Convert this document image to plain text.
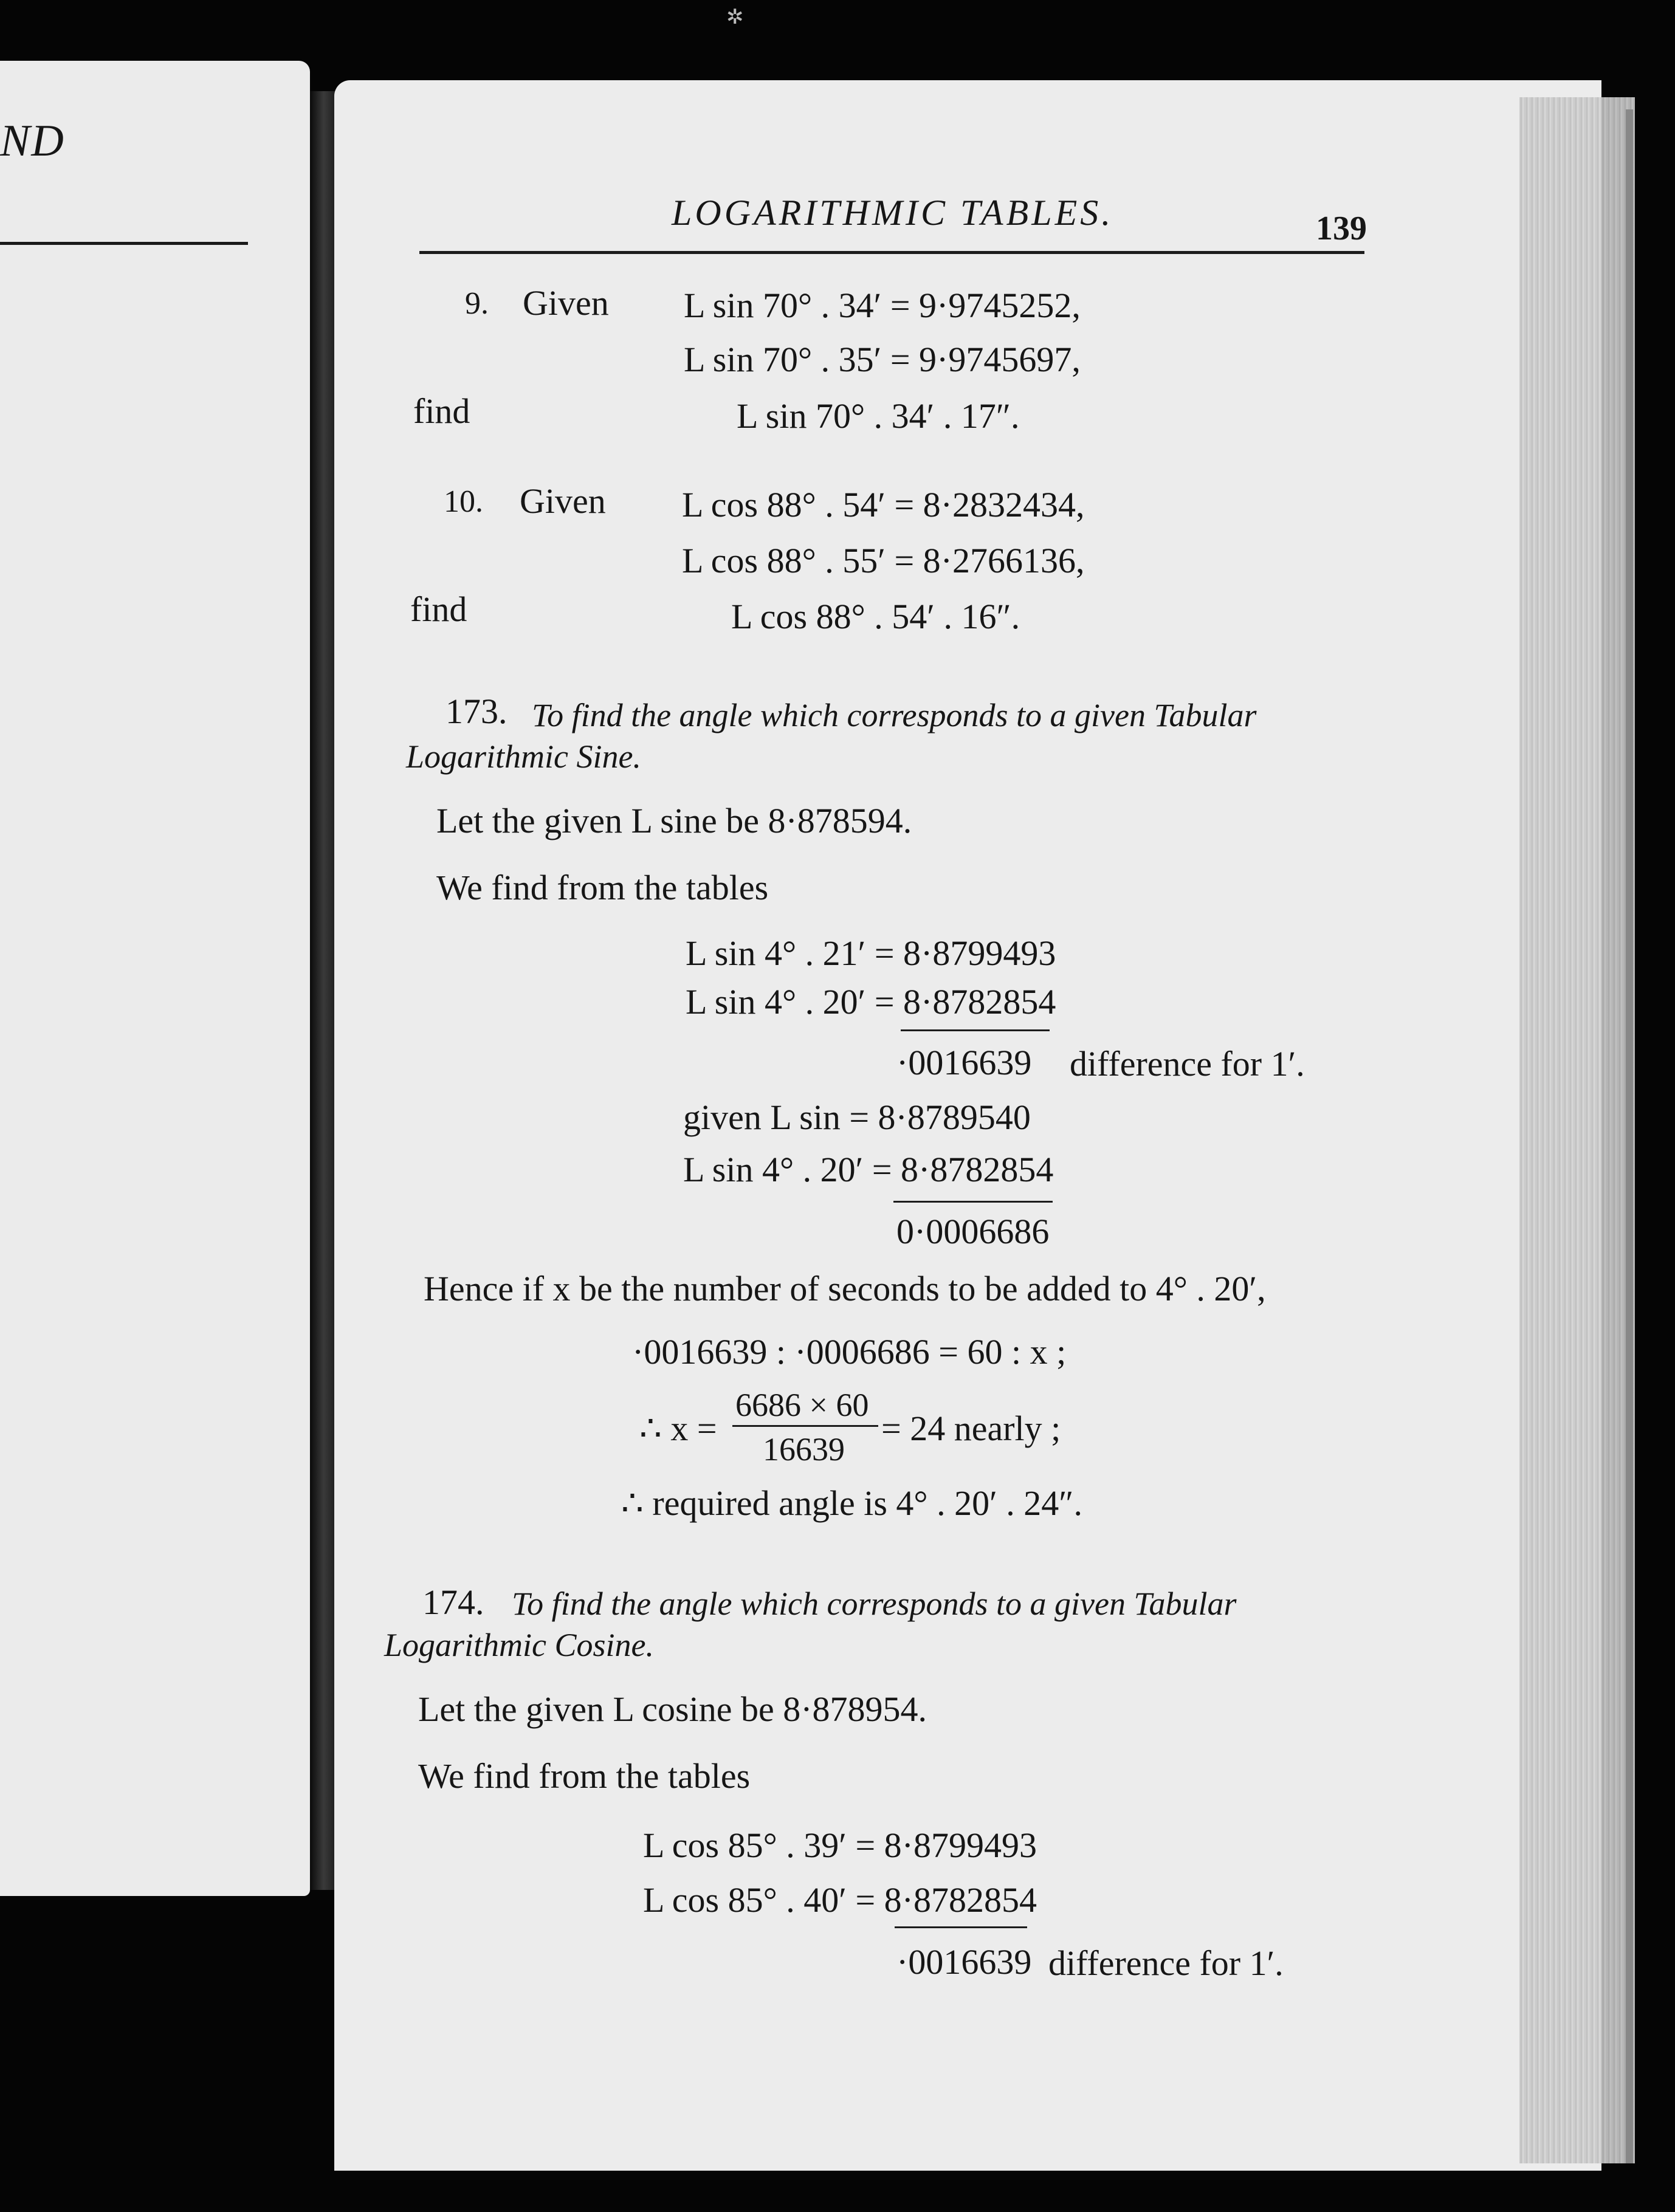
ND
✲
LOGARITHMIC TABLES.	139
9. Given L sin 70° . 34′ = 9·9745252,
L sin 70° . 35′ = 9·9745697,
find	L sin 70° . 34′ . 17″.
10. Given L cos 88° . 54′ = 8·2832434,
L cos 88° . 55′ = 8·2766136,
find	L cos 88° . 54′ . 16″.
173. To find the angle which corresponds to a given Tabular
Logarithmic Sine.
Let the given L sine be 8·878594.
We find from the tables
L sin 4° . 21′ = 8·8799493
L sin 4° . 20′ = 8·8782854
·0016639 difference for 1′.
given L sin = 8·8789540
L sin 4° . 20′ = 8·8782854
0·0006686
Hence if x be the number of seconds to be added to 4° . 20′,
·0016639 : ·0006686 = 60 : x ;
∴ x =
6686 × 60
16639
= 24 nearly ;
∴ required angle is 4° . 20′ . 24″.
174. To find the angle which corresponds to a given Tabular
Logarithmic Cosine.
Let the given L cosine be 8·878954.
We find from the tables
L cos 85° . 39′ = 8·8799493
L cos 85° . 40′ = 8·8782854
·0016639 difference for 1′.
